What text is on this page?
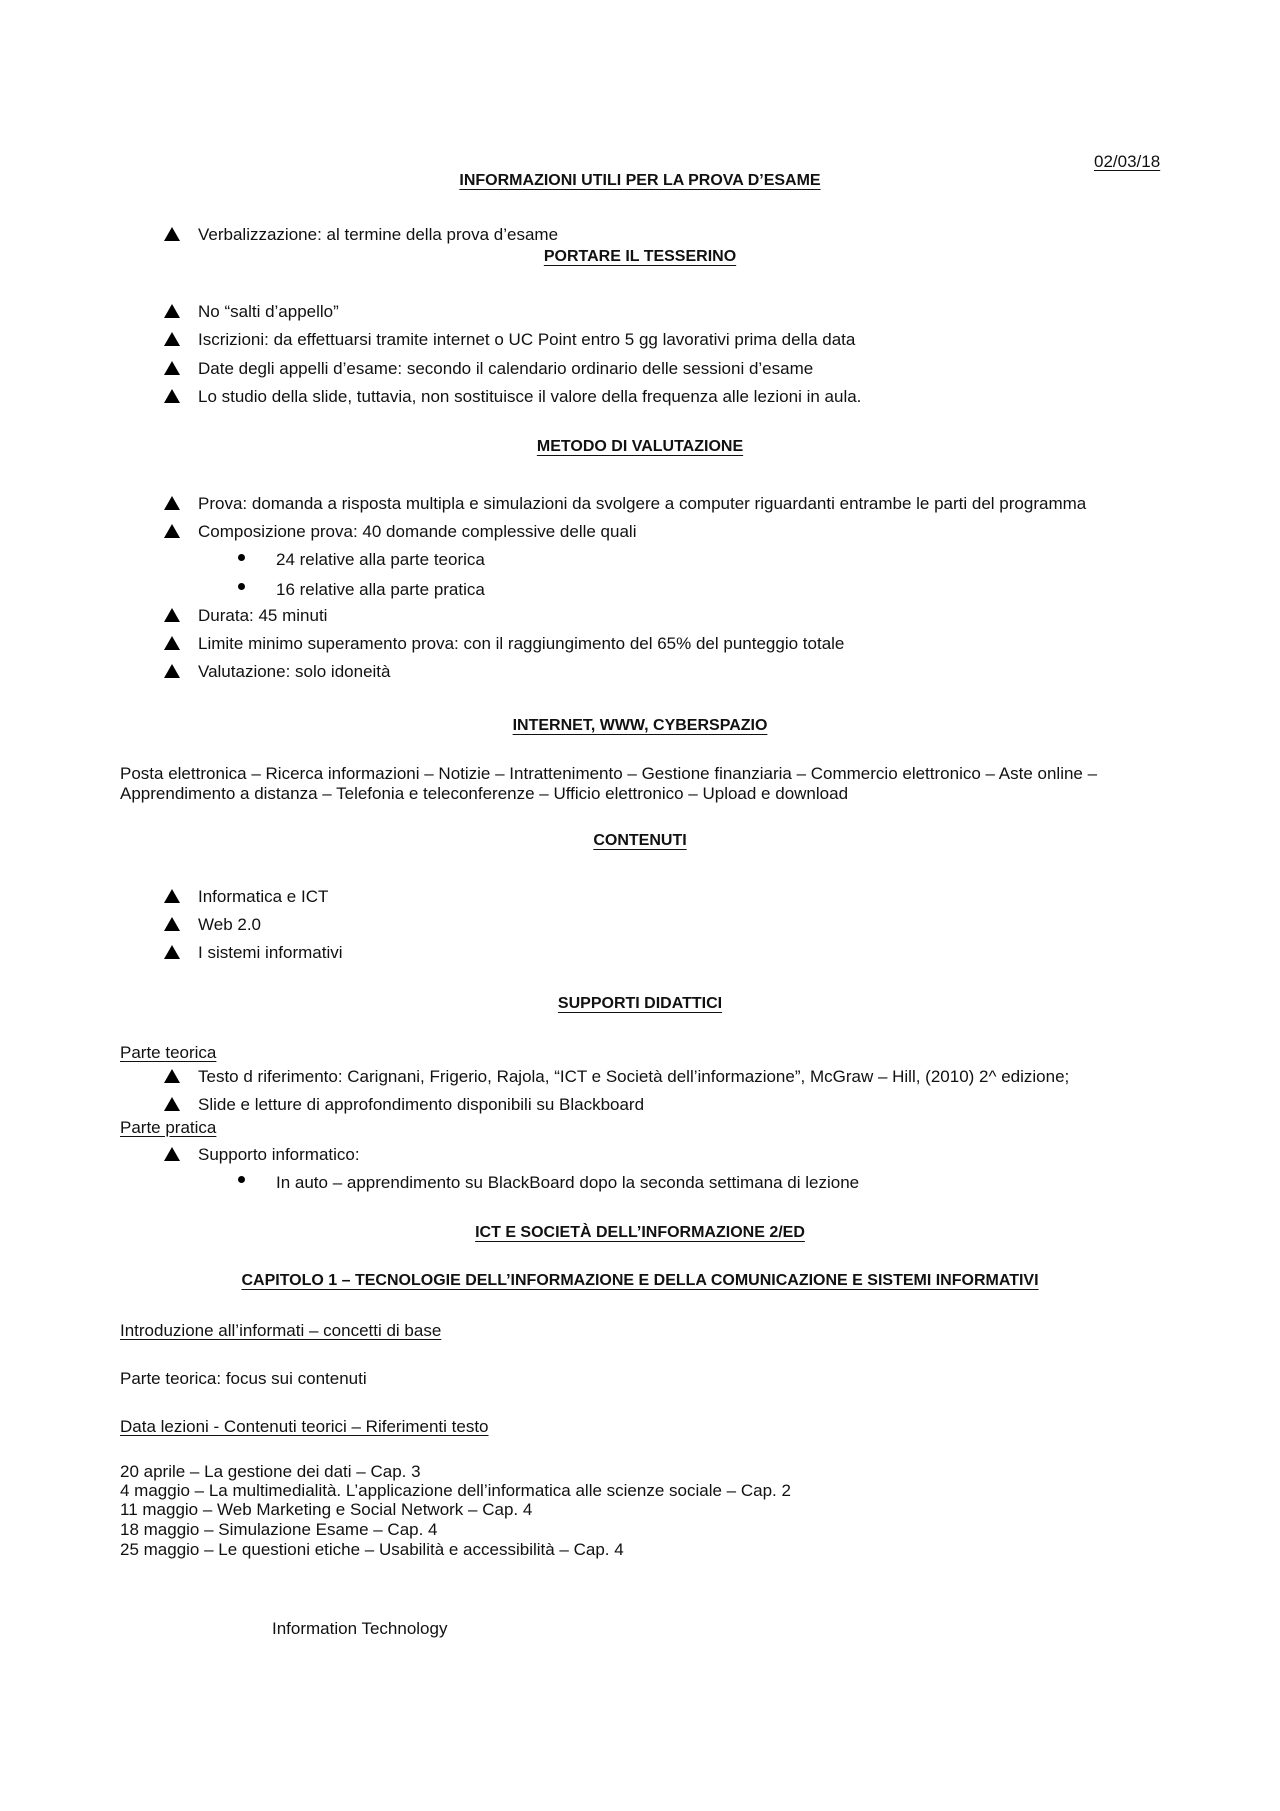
02/03/18
INFORMAZIONI UTILI PER LA PROVA D’ESAME
Verbalizzazione: al termine della prova d’esame
PORTARE IL TESSERINO
No “salti d’appello”
Iscrizioni: da effettuarsi tramite internet o UC Point entro 5 gg lavorativi prima della data
Date degli appelli d’esame: secondo il calendario ordinario delle sessioni d’esame
Lo studio della slide, tuttavia, non sostituisce il valore della frequenza alle lezioni in aula.
METODO DI VALUTAZIONE
Prova: domanda a risposta multipla e simulazioni da svolgere a computer riguardanti entrambe le parti del programma
Composizione prova: 40 domande complessive delle quali
24 relative alla parte teorica
16 relative alla parte pratica
Durata: 45 minuti
Limite minimo superamento prova: con il raggiungimento del 65% del punteggio totale
Valutazione: solo idoneità
INTERNET, WWW, CYBERSPAZIO
Posta elettronica – Ricerca informazioni – Notizie – Intrattenimento – Gestione finanziaria – Commercio elettronico – Aste online –
Apprendimento a distanza – Telefonia e teleconferenze – Ufficio elettronico – Upload e download
CONTENUTI
Informatica e ICT
Web 2.0
I sistemi informativi
SUPPORTI DIDATTICI
Parte teorica
Testo d riferimento: Carignani, Frigerio, Rajola, “ICT e Società dell’informazione”, McGraw – Hill, (2010) 2^ edizione;
Slide e letture di approfondimento disponibili su Blackboard
Parte pratica
Supporto informatico:
In auto – apprendimento su BlackBoard dopo la seconda settimana di lezione
ICT E SOCIETÀ DELL’INFORMAZIONE 2/ED
CAPITOLO 1 – TECNOLOGIE DELL’INFORMAZIONE E DELLA COMUNICAZIONE E SISTEMI INFORMATIVI
Introduzione all’informati – concetti di base
Parte teorica: focus sui contenuti
Data lezioni - Contenuti teorici – Riferimenti testo
20 aprile – La gestione dei dati – Cap. 3
4 maggio – La multimedialità. L’applicazione dell’informatica alle scienze sociale – Cap. 2
11 maggio – Web Marketing e Social Network – Cap. 4
18 maggio – Simulazione Esame – Cap. 4
25 maggio – Le questioni etiche – Usabilità e accessibilità – Cap. 4
Information Technology
